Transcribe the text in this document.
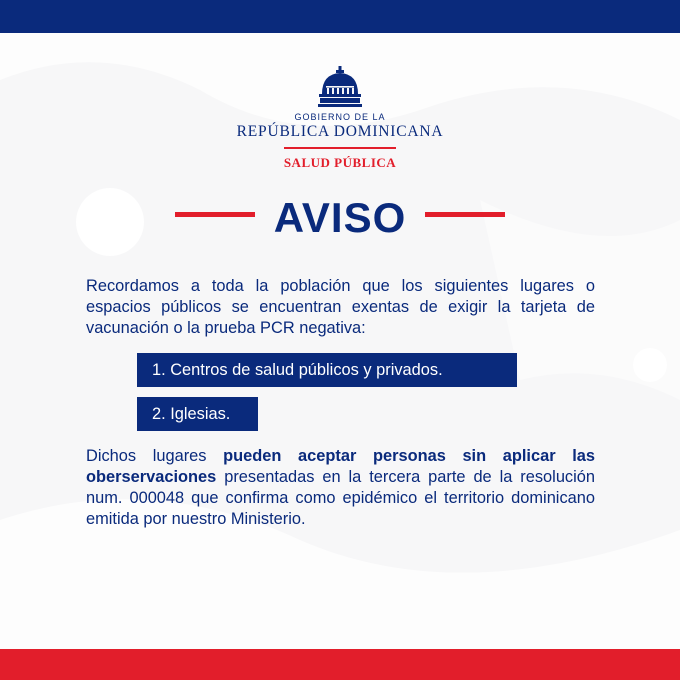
GOBIERNO DE LA
REPÚBLICA DOMINICANA
SALUD PÚBLICA
AVISO
Recordamos a toda la población que los siguientes lugares o espacios públicos se encuentran exentas de exigir la tarjeta de vacunación o la prueba PCR negativa:
1. Centros de salud públicos y privados.
2. Iglesias.
Dichos lugares pueden aceptar personas sin aplicar las oberservaciones presentadas en la tercera parte de la resolución num. 000048 que confirma como epidémico el territorio dominicano emitida por nuestro Ministerio.
